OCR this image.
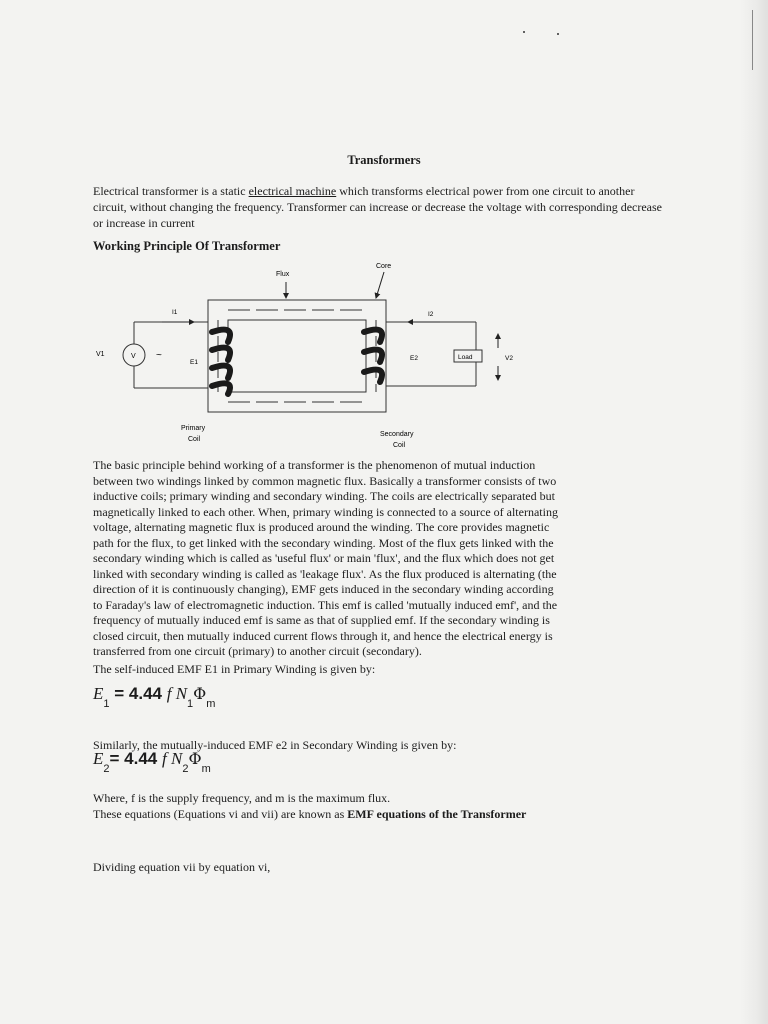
Transformers
Electrical transformer is a static electrical machine which transforms electrical power from one circuit to another circuit, without changing the frequency. Transformer can increase or decrease the voltage with corresponding decrease or increase in current
Working Principle Of Transformer
Flux
Core
V ~
V1
I1
E1
Load
I2
E2	V2
Primary
Coil
Secondary
Coil
The basic principle behind working of a transformer is the phenomenon of mutual induction
between two windings linked by common magnetic flux. Basically a transformer consists of two
inductive coils; primary winding and secondary winding. The coils are electrically separated but
magnetically linked to each other. When, primary winding is connected to a source of alternating
voltage, alternating magnetic flux is produced around the winding. The core provides magnetic
path for the flux, to get linked with the secondary winding. Most of the flux gets linked with the
secondary winding which is called as 'useful flux' or main 'flux', and the flux which does not get
linked with secondary winding is called as 'leakage flux'. As the flux produced is alternating (the
direction of it is continuously changing), EMF gets induced in the secondary winding according
to Faraday's law of electromagnetic induction. This emf is called 'mutually induced emf', and the
frequency of mutually induced emf is same as that of supplied emf. If the secondary winding is
closed circuit, then mutually induced current flows through it, and hence the electrical energy is
transferred from one circuit (primary) to another circuit (secondary).
The self-induced EMF E1 in Primary Winding is given by:
$E_1 = 4.44$ f $N_1\Phi_m$
Similarly, the mutually-induced EMF e2 in Secondary Winding is given by:
$E_2= 4.44$ f $N_2\Phi_m$
Where, f is the supply frequency, and m is the maximum flux.
These equations (Equations vi and vii) are known as EMF equations of the Transformer
Dividing equation vii by equation vi,
